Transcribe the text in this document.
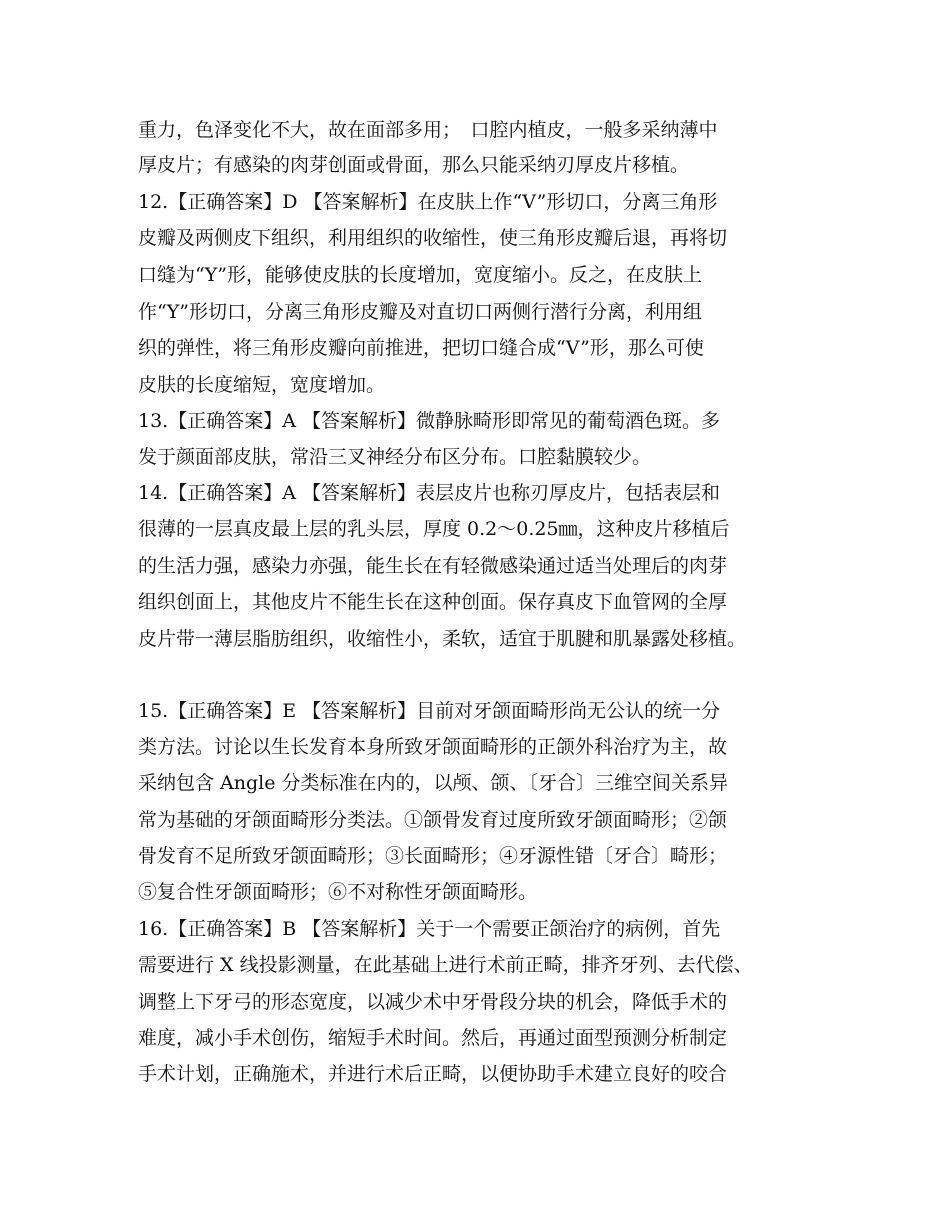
重力，色泽变化不大，故在面部多用；　口腔内植皮，一般多采纳薄中
厚皮片；有感染的肉芽创面或骨面，那么只能采纳刃厚皮片移植。
12.【正确答案】D 【答案解析】在皮肤上作“V”形切口，分离三角形
皮瓣及两侧皮下组织，利用组织的收缩性，使三角形皮瓣后退，再将切
口缝为“Y”形，能够使皮肤的长度增加，宽度缩小。反之，在皮肤上
作“Y”形切口，分离三角形皮瓣及对直切口两侧行潜行分离，利用组
织的弹性，将三角形皮瓣向前推进，把切口缝合成“V”形，那么可使
皮肤的长度缩短，宽度增加。
13.【正确答案】A 【答案解析】微静脉畸形即常见的葡萄酒色斑。多
发于颜面部皮肤，常沿三叉神经分布区分布。口腔黏膜较少。
14.【正确答案】A 【答案解析】表层皮片也称刃厚皮片，包括表层和
很薄的一层真皮最上层的乳头层，厚度 0.2～0.25㎜，这种皮片移植后
的生活力强，感染力亦强，能生长在有轻微感染通过适当处理后的肉芽
组织创面上，其他皮片不能生长在这种创面。保存真皮下血管网的全厚
皮片带一薄层脂肪组织，收缩性小，柔软，适宜于肌腱和肌暴露处移植。
15.【正确答案】E 【答案解析】目前对牙颌面畸形尚无公认的统一分
类方法。讨论以生长发育本身所致牙颌面畸形的正颌外科治疗为主，故
采纳包含 Angle 分类标准在内的，以颅、颌、〔牙合〕三维空间关系异
常为基础的牙颌面畸形分类法。①颌骨发育过度所致牙颌面畸形；②颌
骨发育不足所致牙颌面畸形；③长面畸形；④牙源性错〔牙合〕畸形；
⑤复合性牙颌面畸形；⑥不对称性牙颌面畸形。
16.【正确答案】B 【答案解析】关于一个需要正颌治疗的病例，首先
需要进行 X 线投影测量，在此基础上进行术前正畸，排齐牙列、去代偿、
调整上下牙弓的形态宽度，以减少术中牙骨段分块的机会，降低手术的
难度，减小手术创伤，缩短手术时间。然后，再通过面型预测分析制定
手术计划，正确施术，并进行术后正畸，以便协助手术建立良好的咬合
